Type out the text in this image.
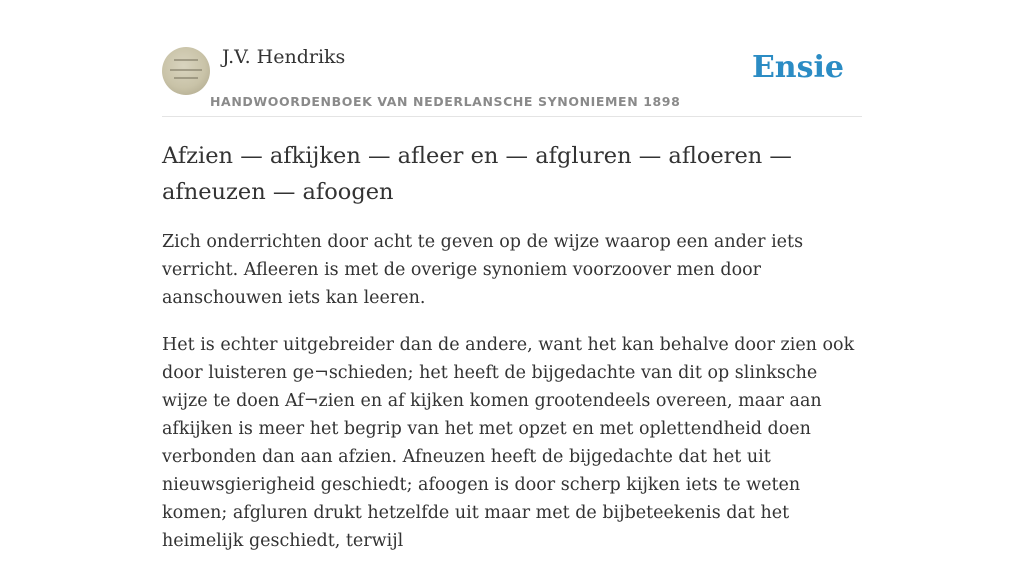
J.V. Hendriks
HANDWOORDENBOEK VAN NEDERLANSCHE SYNONIEMEN 1898
Ensie
Afzien — afkijken — afleer en — afgluren — afloeren — afneuzen — afoogen

Zich onderrichten door acht te geven op de wijze waarop een ander iets verricht. Afleeren is met de overige synoniem voorzoover men door aanschouwen iets kan leeren.

Het is echter uitgebreider dan de andere, want het kan behalve door zien ook door luisteren ge¬schieden; het heeft de bijgedachte van dit op slinksche wijze te doen Af¬zien en af kijken komen grootendeels overeen, maar aan afkijken is meer het begrip van het met opzet en met oplettendheid doen verbonden dan aan afzien. Afneuzen heeft de bijgedachte dat het uit nieuwsgierigheid geschiedt; afoogen is door scherp kijken iets te weten komen; afgluren drukt hetzelfde uit maar met de bijbeteekenis dat het heimelijk geschiedt, terwijl
